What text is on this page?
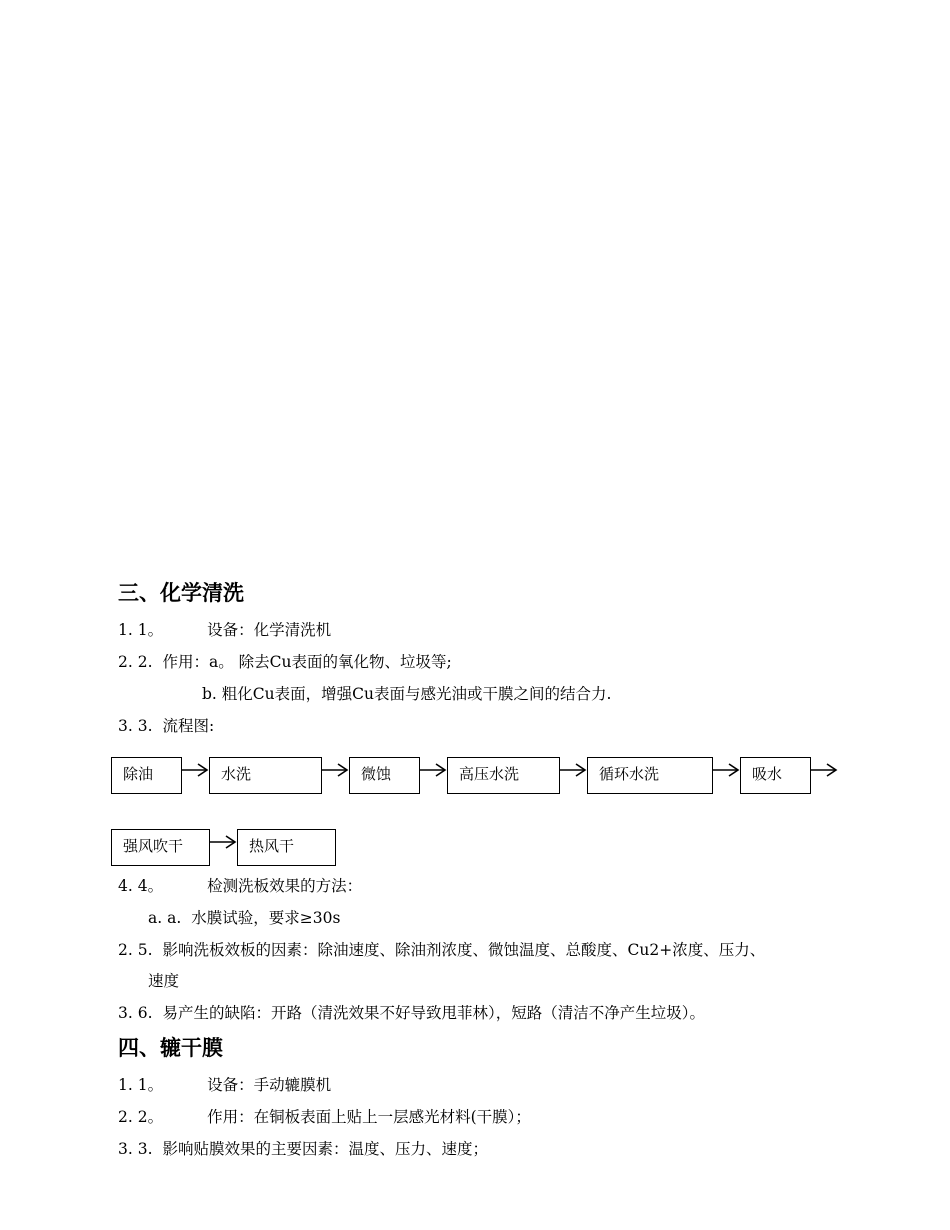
三、化学清洗
1. 1。	设备：化学清洗机
2. 2. 作用：a。 除去Cu表面的氧化物、垃圾等;
b. 粗化Cu表面，增强Cu表面与感光油或干膜之间的结合力.
3. 3. 流程图:
除油	水洗	微蚀	高压水洗	循环水洗	吸水
强风吹干	热风干
4. 4。	检测洗板效果的方法：
a. a. 水膜试验，要求≥30s
2. 5. 影响洗板效板的因素：除油速度、除油剂浓度、微蚀温度、总酸度、Cu2+浓度、压力、
速度
3. 6. 易产生的缺陷：开路（清洗效果不好导致甩菲林），短路（清洁不净产生垃圾）。
四、辘干膜
1. 1。	设备：手动辘膜机
2. 2。	作用：在铜板表面上贴上一层感光材料(干膜）；
3. 3. 影响贴膜效果的主要因素：温度、压力、速度；
